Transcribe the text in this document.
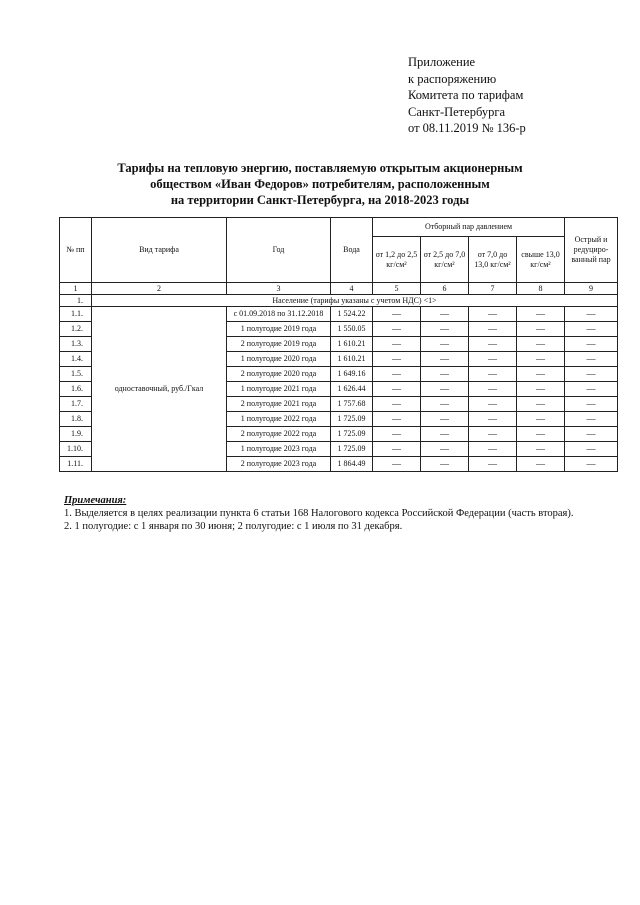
Приложение
к распоряжению
Комитета по тарифам
Санкт-Петербурга
от 08.11.2019 № 136-р
Тарифы на тепловую энергию, поставляемую открытым акционерным
обществом «Иван Федоров» потребителям, расположенным
на территории Санкт-Петербурга, на 2018-2023 годы
№ пп	Вид тарифа	Год	Вода	Отборный пар давлением				Острый и редуциро-ванный пар
				от 1,2 до 2,5 кг/см²	от 2,5 до 7,0 кг/см²	от 7,0 до 13,0 кг/см²	свыше 13,0 кг/см²	
1	2	3	4	5	6	7	8	9
1.	Население (тарифы указаны с учетом НДС) <1>							
1.1.	одноставочный, руб./Гкал	с 01.09.2018 по 31.12.2018	1 524.22	—	—	—	—	—
1.2.		1 полугодие 2019 года	1 550.05	—	—	—	—	—
1.3.		2 полугодие 2019 года	1 610.21	—	—	—	—	—
1.4.		1 полугодие 2020 года	1 610.21	—	—	—	—	—
1.5.		2 полугодие 2020 года	1 649.16	—	—	—	—	—
1.6.		1 полугодие 2021 года	1 626.44	—	—	—	—	—
1.7.		2 полугодие 2021 года	1 757.68	—	—	—	—	—
1.8.		1 полугодие 2022 года	1 725.09	—	—	—	—	—
1.9.		2 полугодие 2022 года	1 725.09	—	—	—	—	—
1.10.		1 полугодие 2023 года	1 725.09	—	—	—	—	—
1.11.		2 полугодие 2023 года	1 864.49	—	—	—	—	—
Примечания:
1. Выделяется в целях реализации пункта 6 статьи 168 Налогового кодекса Российской Федерации (часть вторая).
2. 1 полугодие: с 1 января по 30 июня; 2 полугодие: с 1 июля по 31 декабря.
